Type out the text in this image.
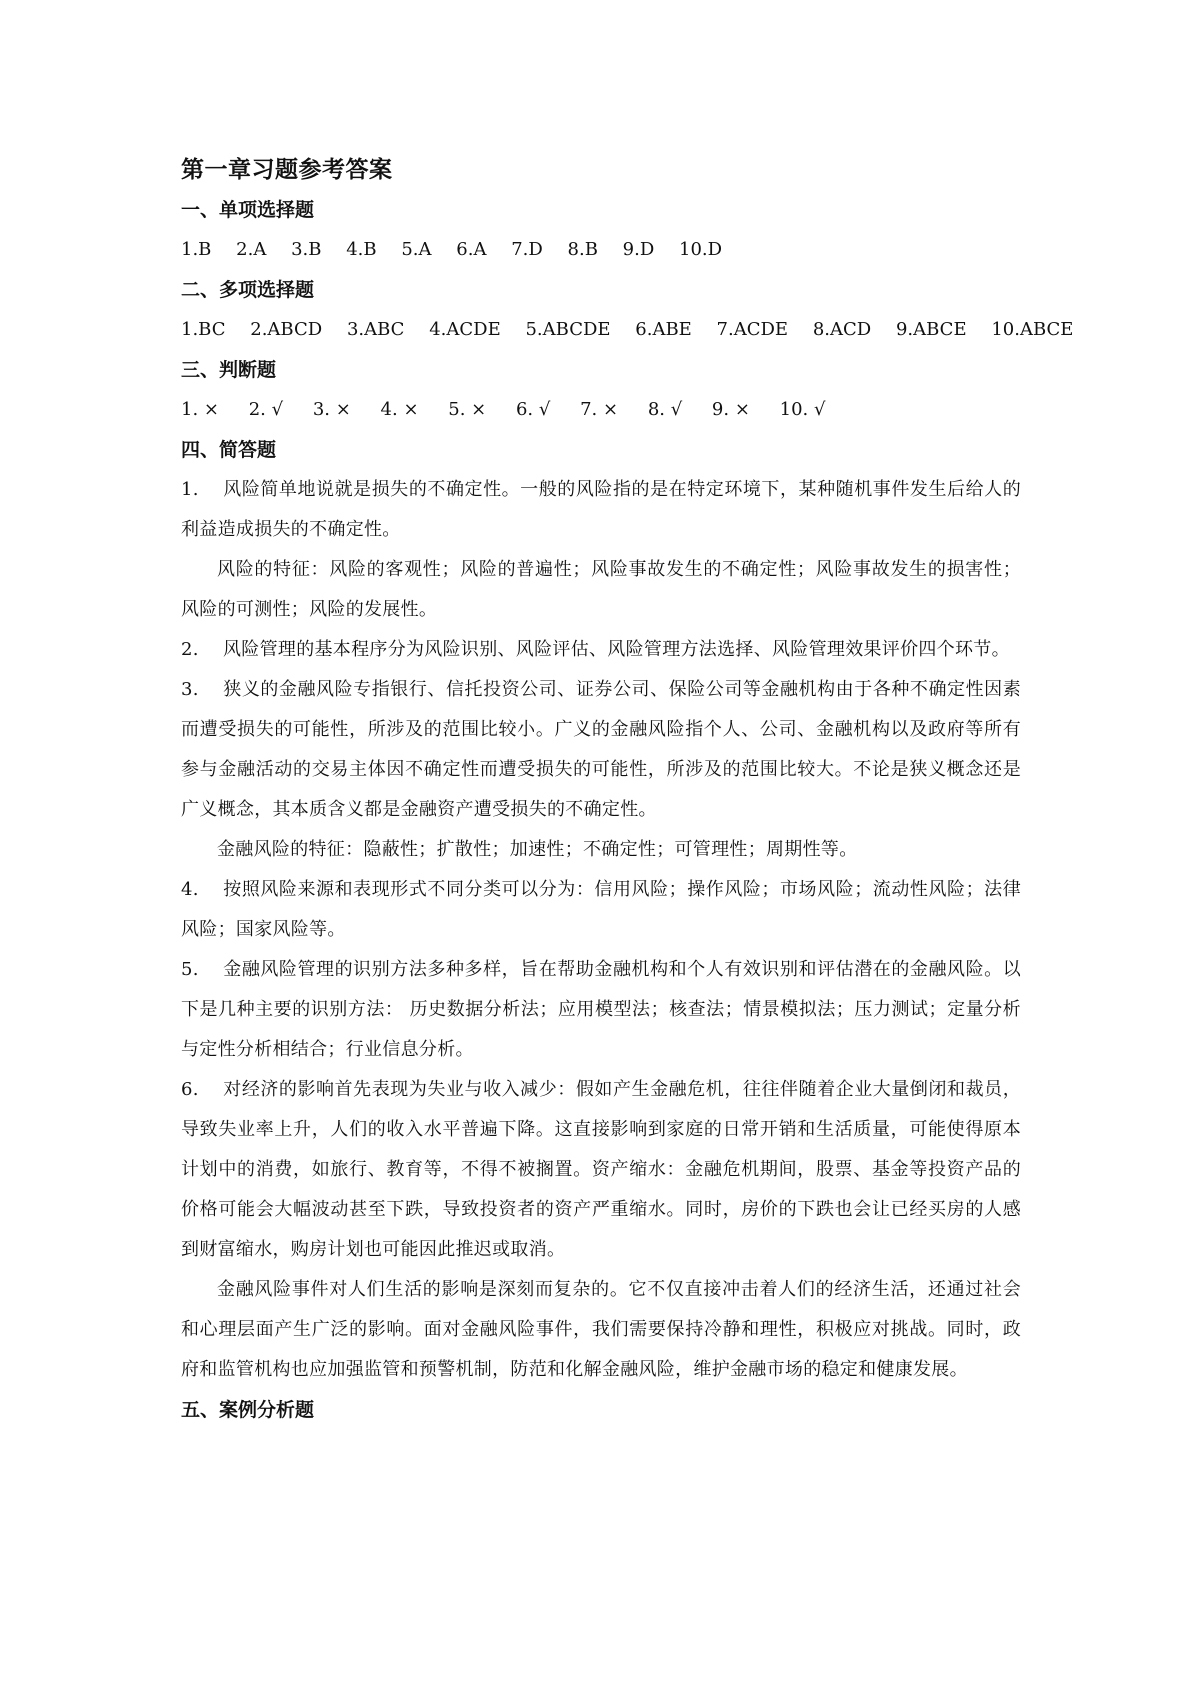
第一章习题参考答案
一、单项选择题

1.B 2.A 3.B 4.B 5.A 6.A 7.D 8.B 9.D 10.D

二、多项选择题

1.BC 2.ABCD 3.ABC 4.ACDE 5.ABCDE 6.ABE 7.ACDE 8.ACD 9.ABCE 10.ABCE

三、判断题

1. × 2. √ 3. × 4. × 5. × 6. √ 7. × 8. √ 9. × 10. √

四、简答题

1. 风险简单地说就是损失的不确定性。一般的风险指的是在特定环境下，某种随机事件发生后给人的利益造成损失的不确定性。

风险的特征：风险的客观性；风险的普遍性；风险事故发生的不确定性；风险事故发生的损害性；风险的可测性；风险的发展性。

2. 风险管理的基本程序分为风险识别、风险评估、风险管理方法选择、风险管理效果评价四个环节。

3. 狭义的金融风险专指银行、信托投资公司、证券公司、保险公司等金融机构由于各种不确定性因素而遭受损失的可能性，所涉及的范围比较小。广义的金融风险指个人、公司、金融机构以及政府等所有参与金融活动的交易主体因不确定性而遭受损失的可能性，所涉及的范围比较大。不论是狭义概念还是广义概念，其本质含义都是金融资产遭受损失的不确定性。

金融风险的特征：隐蔽性；扩散性；加速性；不确定性；可管理性；周期性等。

4. 按照风险来源和表现形式不同分类可以分为：信用风险；操作风险；市场风险；流动性风险；法律风险；国家风险等。

5. 金融风险管理的识别方法多种多样，旨在帮助金融机构和个人有效识别和评估潜在的金融风险。以下是几种主要的识别方法： 历史数据分析法；应用模型法；核查法；情景模拟法；压力测试；定量分析与定性分析相结合；行业信息分析。

6. 对经济的影响首先表现为失业与收入减少：假如产生金融危机，往往伴随着企业大量倒闭和裁员，导致失业率上升，人们的收入水平普遍下降。这直接影响到家庭的日常开销和生活质量，可能使得原本计划中的消费，如旅行、教育等，不得不被搁置。资产缩水：金融危机期间，股票、基金等投资产品的价格可能会大幅波动甚至下跌，导致投资者的资产严重缩水。同时，房价的下跌也会让已经买房的人感到财富缩水，购房计划也可能因此推迟或取消。

金融风险事件对人们生活的影响是深刻而复杂的。它不仅直接冲击着人们的经济生活，还通过社会和心理层面产生广泛的影响。面对金融风险事件，我们需要保持冷静和理性，积极应对挑战。同时，政府和监管机构也应加强监管和预警机制，防范和化解金融风险，维护金融市场的稳定和健康发展。

五、案例分析题
